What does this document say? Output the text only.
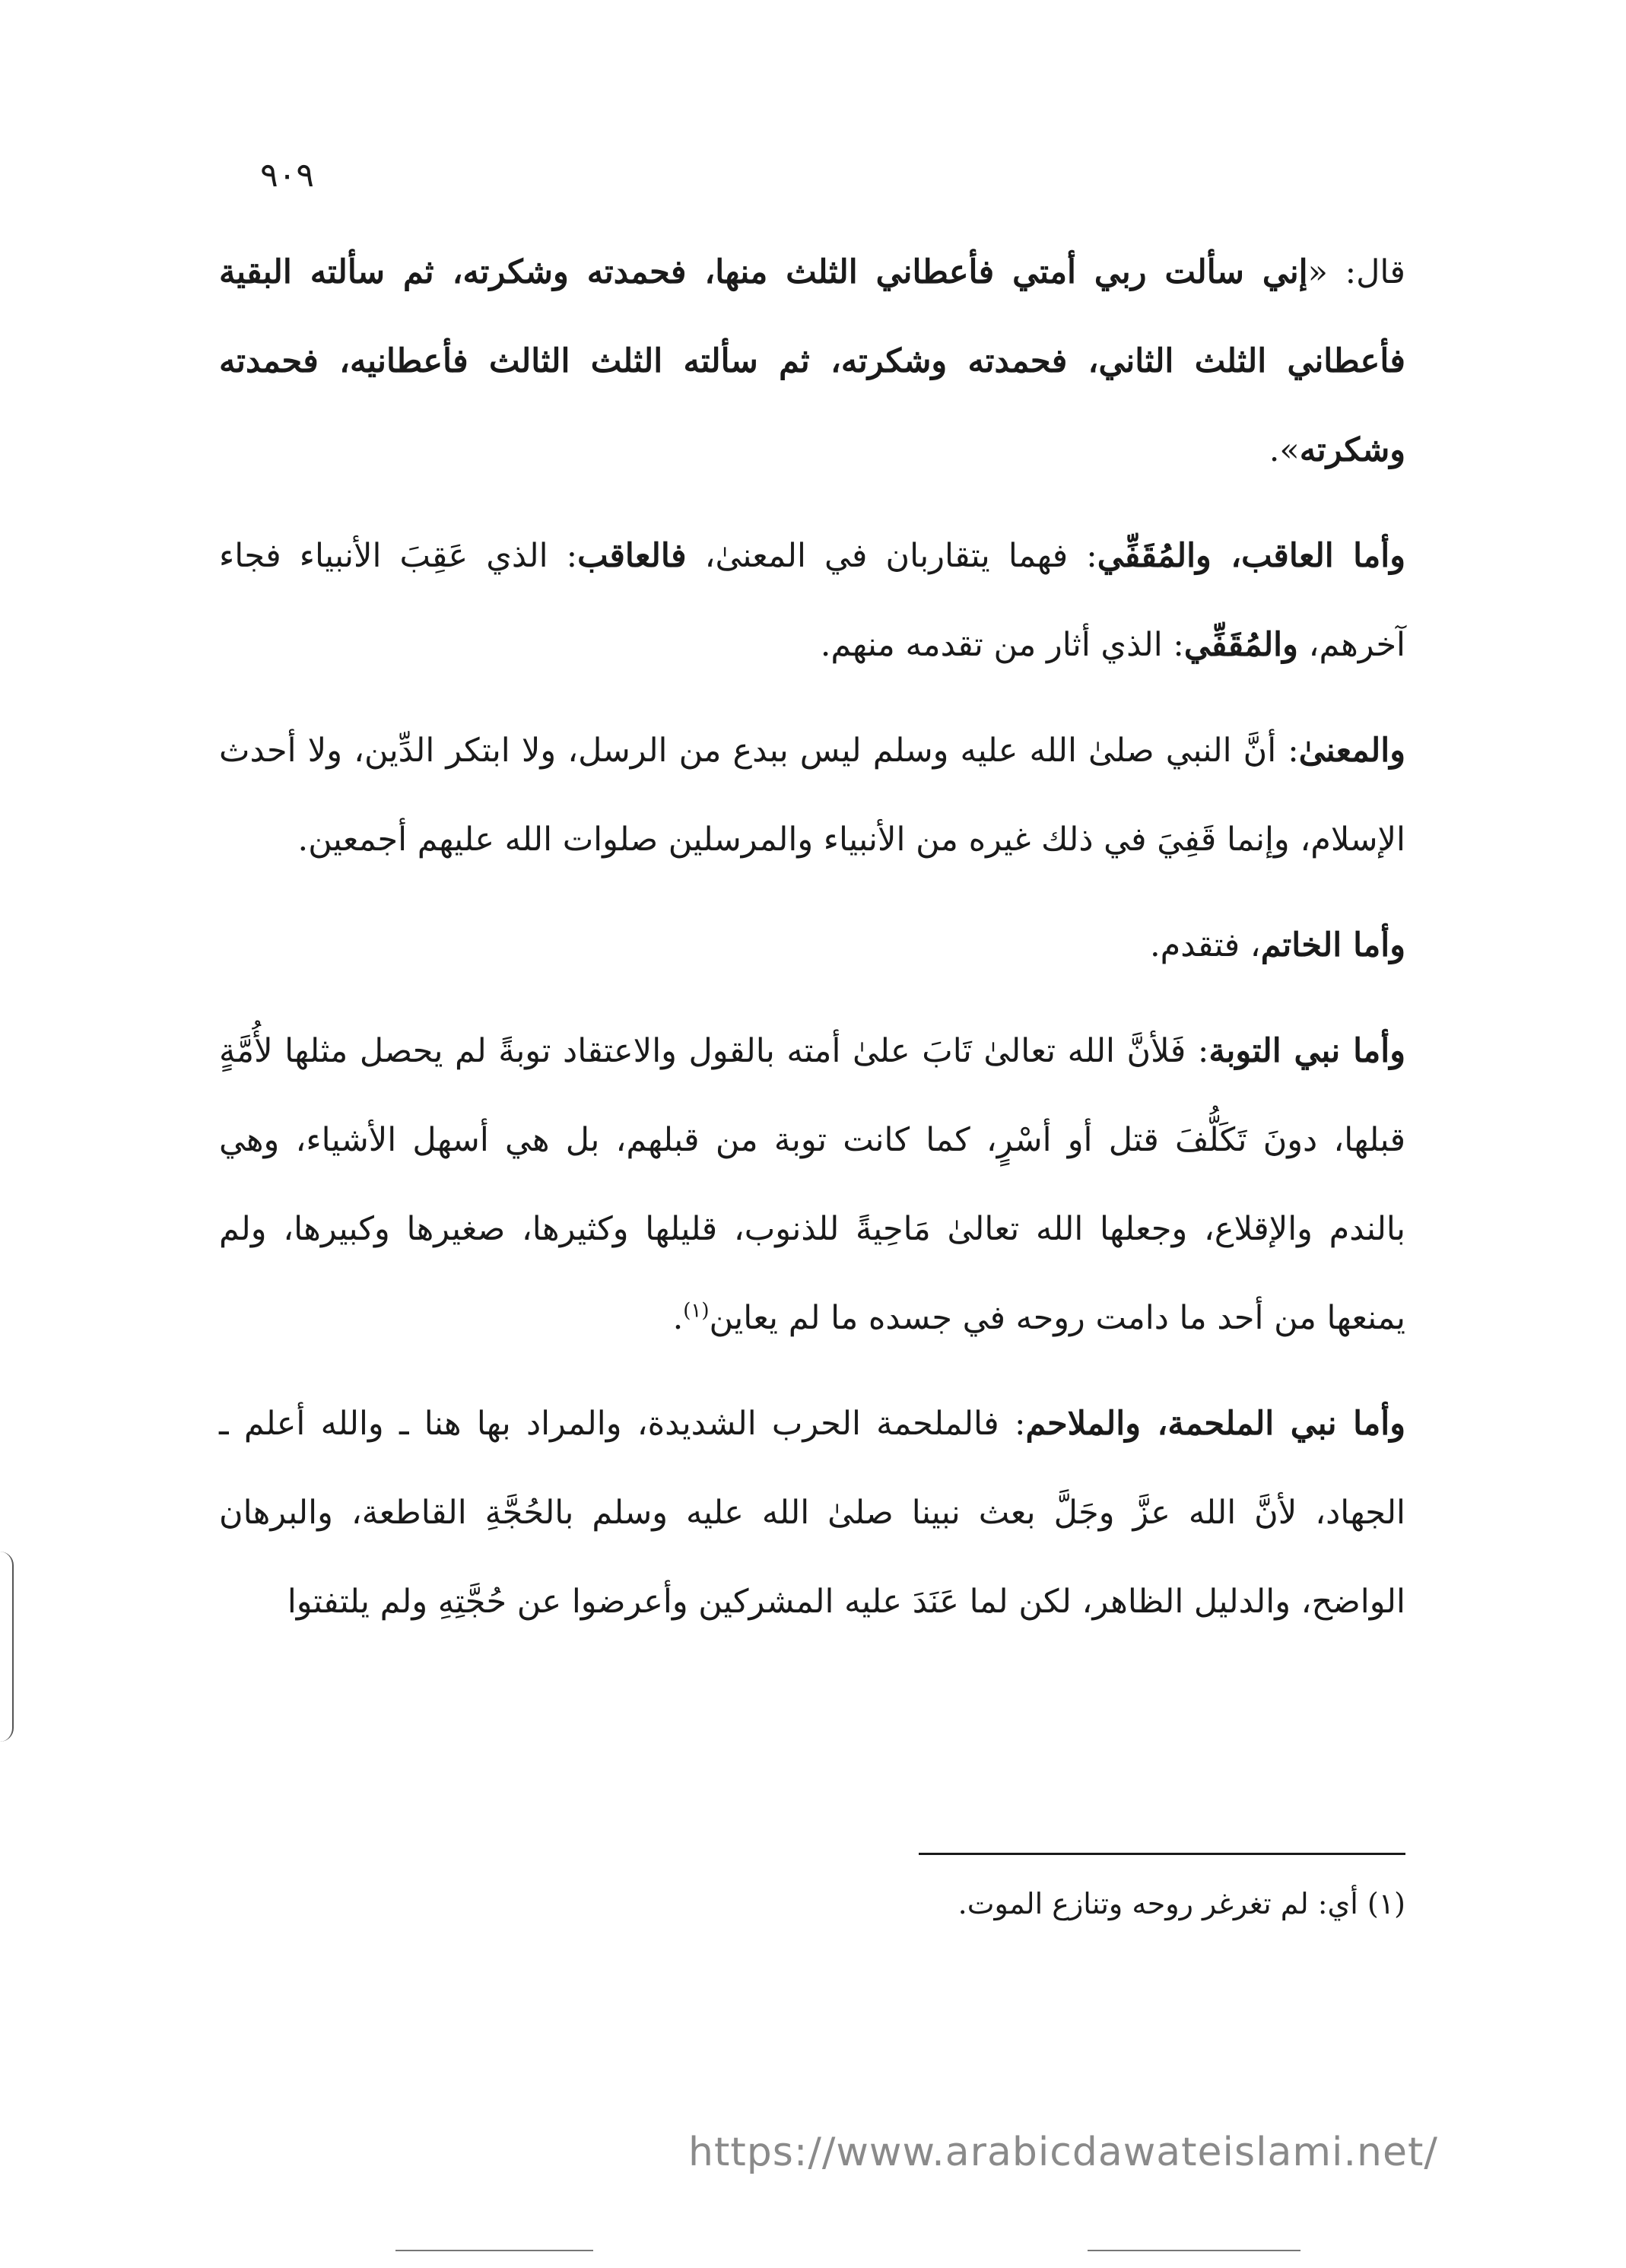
٩٠٩

قال: «إني سألت ربي أمتي فأعطاني الثلث منها، فحمدته وشكرته، ثم سألته البقية فأعطاني الثلث الثاني، فحمدته وشكرته، ثم سألته الثلث الثالث فأعطانيه، فحمدته وشكرته».

وأما العاقب، والمُقَفِّي: فهما يتقاربان في المعنىٰ، فالعاقب: الذي عَقِبَ الأنبياء فجاء آخرهم، والمُقَفِّي: الذي أثار من تقدمه منهم.

والمعنىٰ: أنَّ النبي صلىٰ الله عليه وسلم ليس ببدع من الرسل، ولا ابتكر الدِّين، ولا أحدث الإسلام، وإنما قَفِيَ في ذلك غيره من الأنبياء والمرسلين صلوات الله عليهم أجمعين.

وأما الخاتم، فتقدم.

وأما نبي التوبة: فَلأنَّ الله تعالىٰ تَابَ علىٰ أمته بالقول والاعتقاد توبةً لم يحصل مثلها لأُمَّةٍ قبلها، دونَ تَكَلُّفَ قتل أو أسْرٍ، كما كانت توبة من قبلهم، بل هي أسهل الأشياء، وهي بالندم والإقلاع، وجعلها الله تعالىٰ مَاحِيةً للذنوب، قليلها وكثيرها، صغيرها وكبيرها، ولم يمنعها من أحد ما دامت روحه في جسده ما لم يعاين$^{(١)}$.

وأما نبي الملحمة، والملاحم: فالملحمة الحرب الشديدة، والمراد بها هنا ـ والله أعلم ـ الجهاد، لأنَّ الله عزَّ وجَلَّ بعث نبينا صلىٰ الله عليه وسلم بالحُجَّةِ القاطعة، والبرهان الواضح، والدليل الظاهر، لكن لما عَنَدَ عليه المشركين وأعرضوا عن حُجَّتِهِ ولم يلتفتوا

(١) أي: لم تغرغر روحه وتنازع الموت.
https://www.arabicdawateislami.net/
